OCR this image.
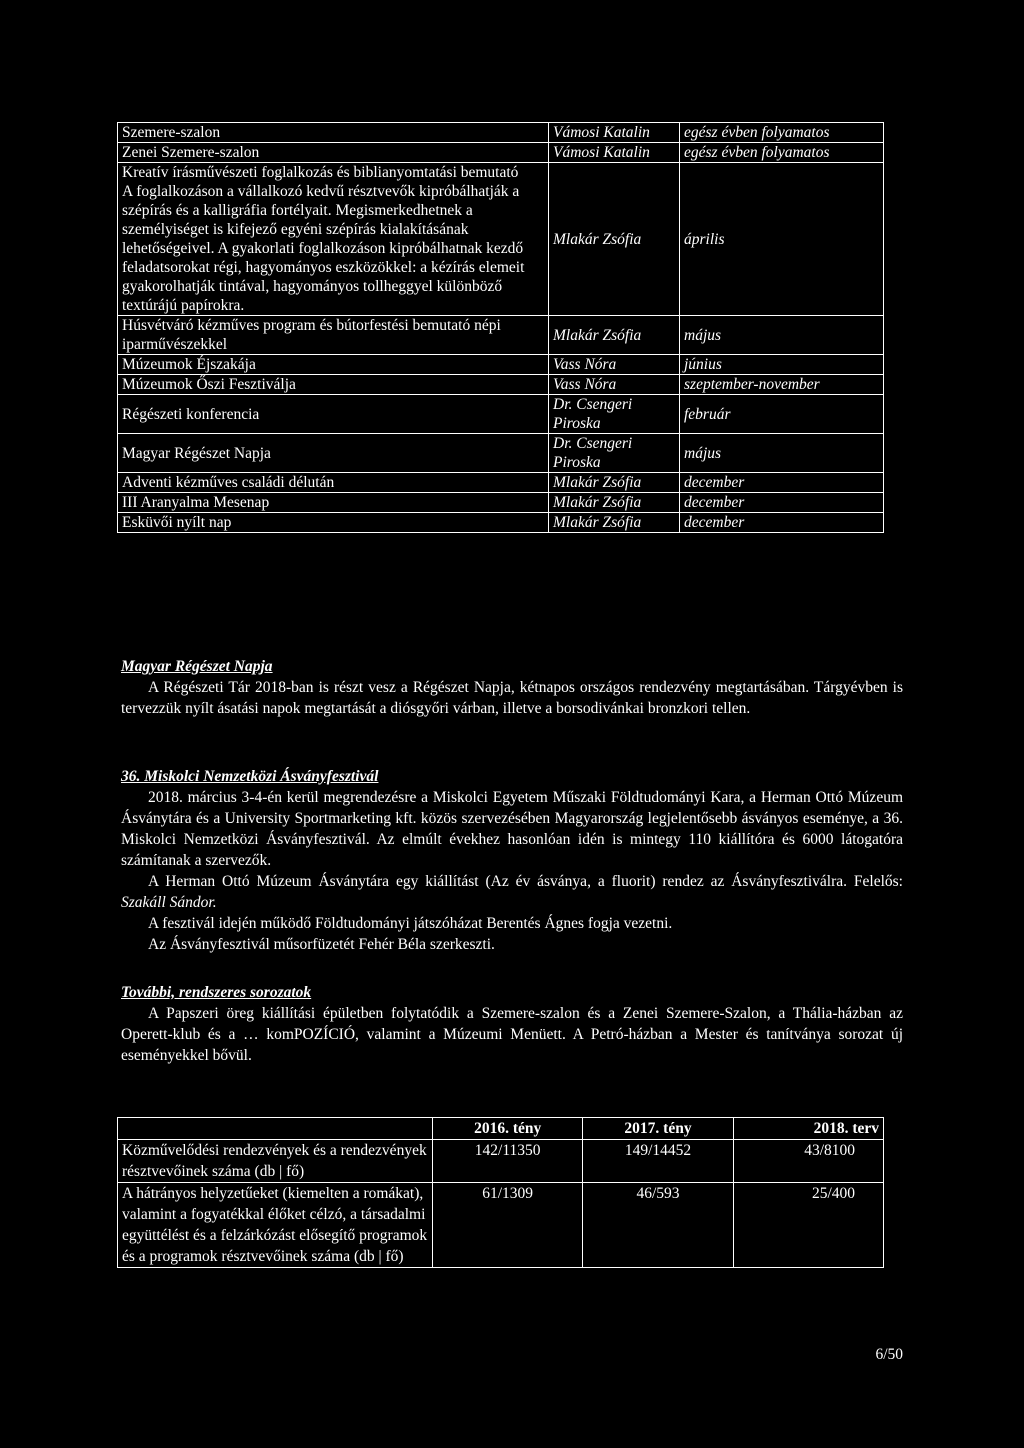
Szemere-szalon	Vámosi Katalin	egész évben folyamatos
Zenei Szemere-szalon	Vámosi Katalin	egész évben folyamatos
Kreatív írásművészeti foglalkozás és biblianyomtatási bemutató
A foglalkozáson a vállalkozó kedvű résztvevők kipróbálhatják a szépírás és a kalligráfia fortélyait. Megismerkedhetnek a személyiséget is kifejező egyéni szépírás kialakításának lehetőségeivel. A gyakorlati foglalkozáson kipróbálhatnak kezdő feladatsorokat régi, hagyományos eszközökkel: a kézírás elemeit gyakorolhatják tintával, hagyományos tollheggyel különböző textúrájú papírokra.	Mlakár Zsófia	április
Húsvétváró kézműves program és bútorfestési bemutató népi iparművészekkel	Mlakár Zsófia	május
Múzeumok Éjszakája	Vass Nóra	június
Múzeumok Őszi Fesztiválja	Vass Nóra	szeptember-november
Régészeti konferencia	Dr. Csengeri Piroska	február
Magyar Régészet Napja	Dr. Csengeri Piroska	május
Adventi kézműves családi délután	Mlakár Zsófia	december
III Aranyalma Mesenap	Mlakár Zsófia	december
Esküvői nyílt nap	Mlakár Zsófia	december
Magyar Régészet Napja

A Régészeti Tár 2018-ban is részt vesz a Régészet Napja, kétnapos országos rendezvény megtartásában. Tárgyévben is tervezzük nyílt ásatási napok megtartását a diósgyőri várban, illetve a borsodivánkai bronzkori tellen.

36. Miskolci Nemzetközi Ásványfesztivál

2018. március 3-4-én kerül megrendezésre a Miskolci Egyetem Műszaki Földtudományi Kara, a Herman Ottó Múzeum Ásványtára és a University Sportmarketing kft. közös szervezésében Magyarország legjelentősebb ásványos eseménye, a 36. Miskolci Nemzetközi Ásványfesztivál. Az elmúlt évekhez hasonlóan idén is mintegy 110 kiállítóra és 6000 látogatóra számítanak a szervezők.

A Herman Ottó Múzeum Ásványtára egy kiállítást (Az év ásványa, a fluorit) rendez az Ásványfesztiválra. Felelős: Szakáll Sándor.

A fesztivál idején működő Földtudományi játszóházat Berentés Ágnes fogja vezetni.

Az Ásványfesztivál műsorfüzetét Fehér Béla szerkeszti.

További, rendszeres sorozatok

A Papszeri öreg kiállítási épületben folytatódik a Szemere-szalon és a Zenei Szemere-Szalon, a Thália-házban az Operett-klub és a … komPOZÍCIÓ, valamint a Múzeumi Menüett. A Petró-házban a Mester és tanítványa sorozat új eseményekkel bővül.

	2016. tény	2017. tény	2018. terv
Közművelődési rendezvények és a rendezvények résztvevőinek száma (db | fő)	142/11350	149/14452	43/8100
A hátrányos helyzetűeket (kiemelten a romákat), valamint a fogyatékkal élőket célzó, a társadalmi együttélést és a felzárkózást elősegítő programok és a programok résztvevőinek száma (db | fő)	61/1309	46/593	25/400
6/50
